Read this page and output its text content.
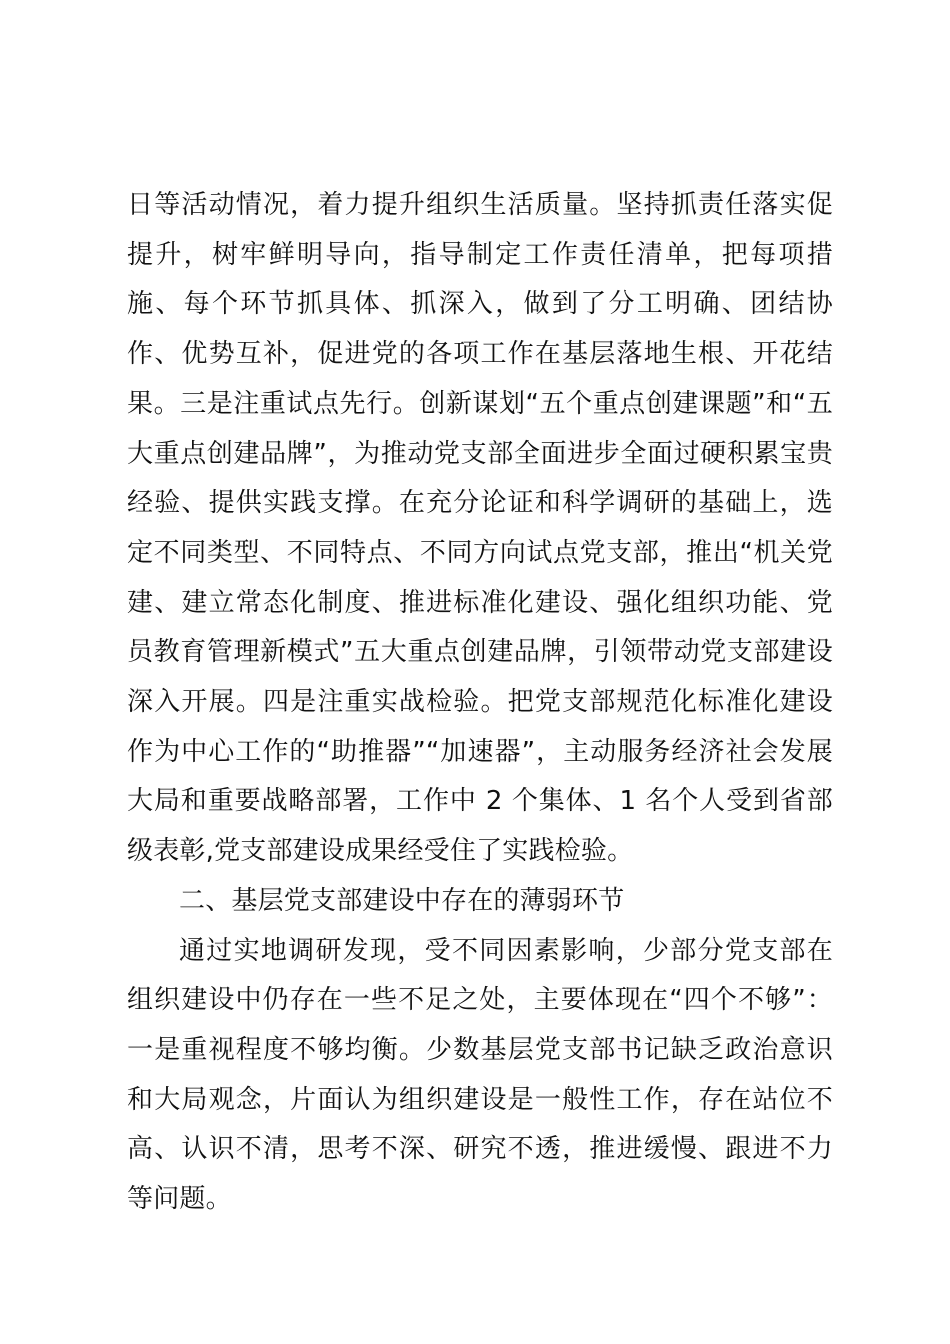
日等活动情况，着力提升组织生活质量。坚持抓责任落实促提升，树牢鲜明导向，指导制定工作责任清单，把每项措施、每个环节抓具体、抓深入，做到了分工明确、团结协作、优势互补，促进党的各项工作在基层落地生根、开花结果。三是注重试点先行。创新谋划“五个重点创建课题”和“五大重点创建品牌”，为推动党支部全面进步全面过硬积累宝贵经验、提供实践支撑。在充分论证和科学调研的基础上，选定不同类型、不同特点、不同方向试点党支部，推出“机关党建、建立常态化制度、推进标准化建设、强化组织功能、党员教育管理新模式”五大重点创建品牌，引领带动党支部建设深入开展。四是注重实战检验。把党支部规范化标准化建设作为中心工作的“助推器”“加速器”，主动服务经济社会发展大局和重要战略部署，工作中 2 个集体、1 名个人受到省部级表彰,党支部建设成果经受住了实践检验。

二、基层党支部建设中存在的薄弱环节

通过实地调研发现，受不同因素影响，少部分党支部在组织建设中仍存在一些不足之处，主要体现在“四个不够”：一是重视程度不够均衡。少数基层党支部书记缺乏政治意识和大局观念，片面认为组织建设是一般性工作，存在站位不高、认识不清，思考不深、研究不透，推进缓慢、跟进不力等问题。
